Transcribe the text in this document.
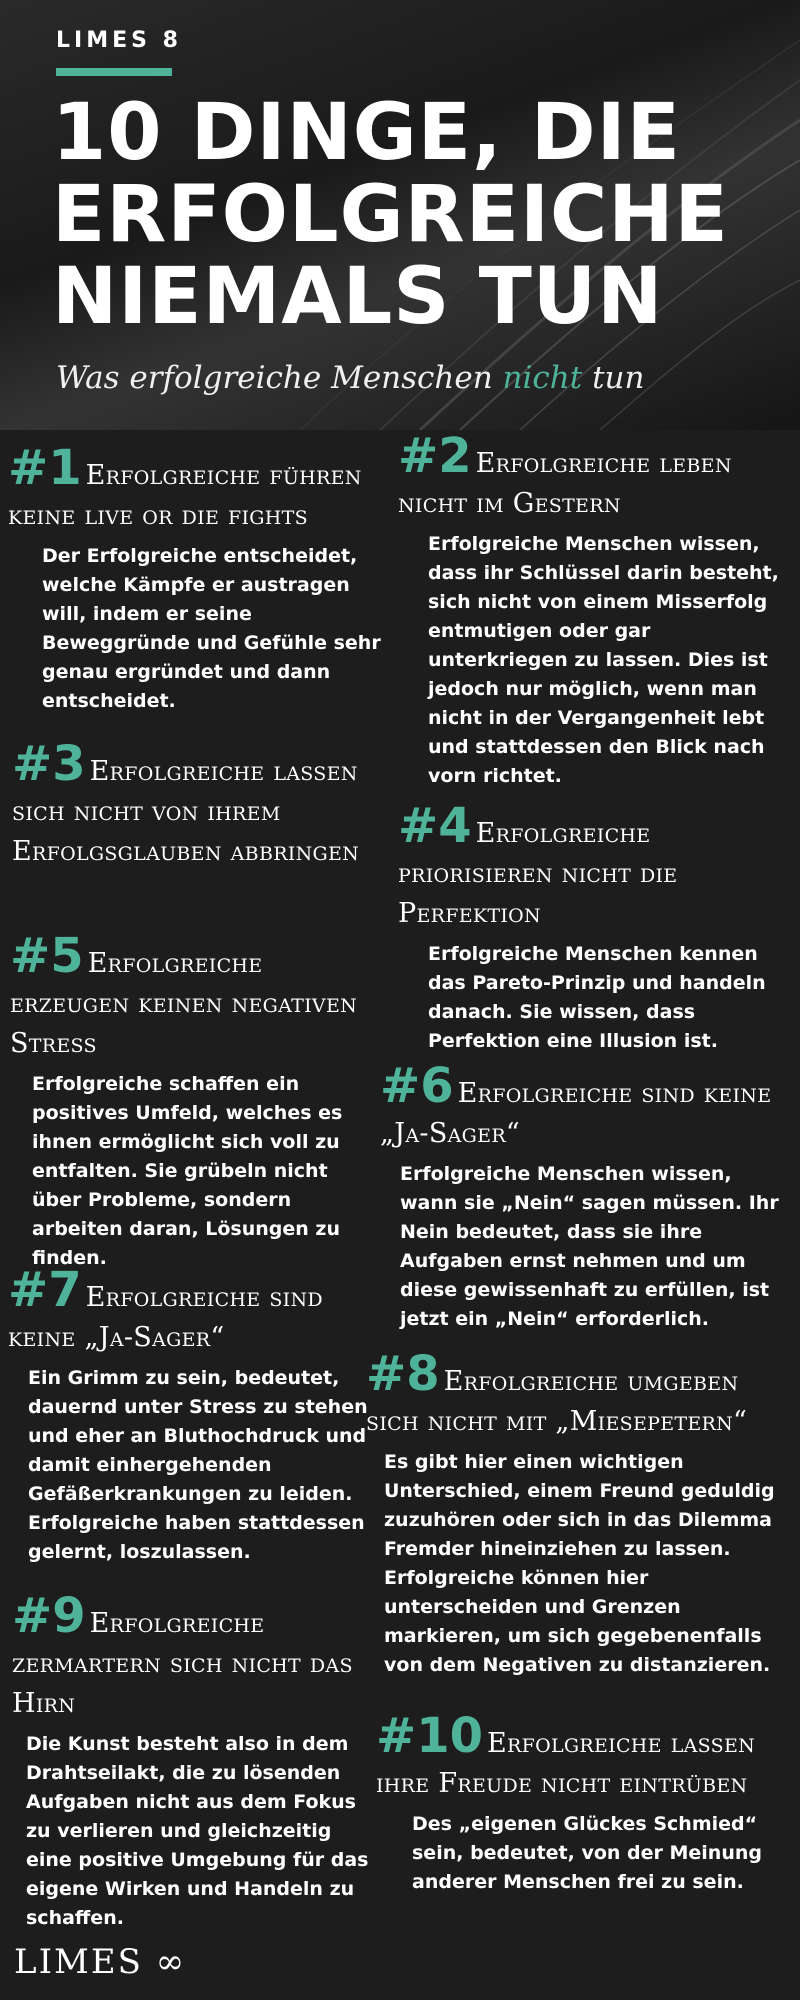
LIMES 8
10 DINGE, DIE
ERFOLGREICHE
NIEMALS TUN
Was erfolgreiche Menschen nicht tun
#1 Erfolgreiche führen keine live or die fights
Der Erfolgreiche entscheidet, welche Kämpfe er austragen will, indem er seine Beweggründe und Gefühle sehr genau ergründet und dann entscheidet.
#2 Erfolgreiche leben nicht im Gestern
Erfolgreiche Menschen wissen, dass ihr Schlüssel darin besteht, sich nicht von einem Misserfolg entmutigen oder gar unterkriegen zu lassen. Dies ist jedoch nur möglich, wenn man nicht in der Vergangenheit lebt und stattdessen den Blick nach vorn richtet.
#3 Erfolgreiche lassen sich nicht von ihrem Erfolgsglauben abbringen #4 Erfolgreiche priorisieren nicht die Perfektion
Erfolgreiche Menschen kennen das Pareto-Prinzip und handeln danach. Sie wissen, dass Perfektion eine Illusion ist.
#5 Erfolgreiche erzeugen keinen negativen Stress
Erfolgreiche schaffen ein positives Umfeld, welches es ihnen ermöglicht sich voll zu entfalten. Sie grübeln nicht über Probleme, sondern arbeiten daran, Lösungen zu finden.
#6 Erfolgreiche sind keine „Ja-Sager“
Erfolgreiche Menschen wissen, wann sie „Nein“ sagen müssen. Ihr Nein bedeutet, dass sie ihre Aufgaben ernst nehmen und um diese gewissenhaft zu erfüllen, ist jetzt ein „Nein“ erforderlich.
#7 Erfolgreiche sind keine „Ja-Sager“
Ein Grimm zu sein, bedeutet, dauernd unter Stress zu stehen und eher an Bluthochdruck und damit einhergehenden Gefäßerkrankungen zu leiden. Erfolgreiche haben stattdessen gelernt, loszulassen.
#8 Erfolgreiche umgeben sich nicht mit „Miesepetern“
Es gibt hier einen wichtigen Unterschied, einem Freund geduldig zuzuhören oder sich in das Dilemma Fremder hineinziehen zu lassen. Erfolgreiche können hier unterscheiden und Grenzen markieren, um sich gegebenenfalls von dem Negativen zu distanzieren.
#9 Erfolgreiche zermartern sich nicht das Hirn
Die Kunst besteht also in dem Drahtseilakt, die zu lösenden Aufgaben nicht aus dem Fokus zu verlieren und gleichzeitig eine positive Umgebung für das eigene Wirken und Handeln zu schaffen.
#10 Erfolgreiche lassen ihre Freude nicht eintrüben
Des „eigenen Glückes Schmied“ sein, bedeutet, von der Meinung anderer Menschen frei zu sein.
LIMES ∞
